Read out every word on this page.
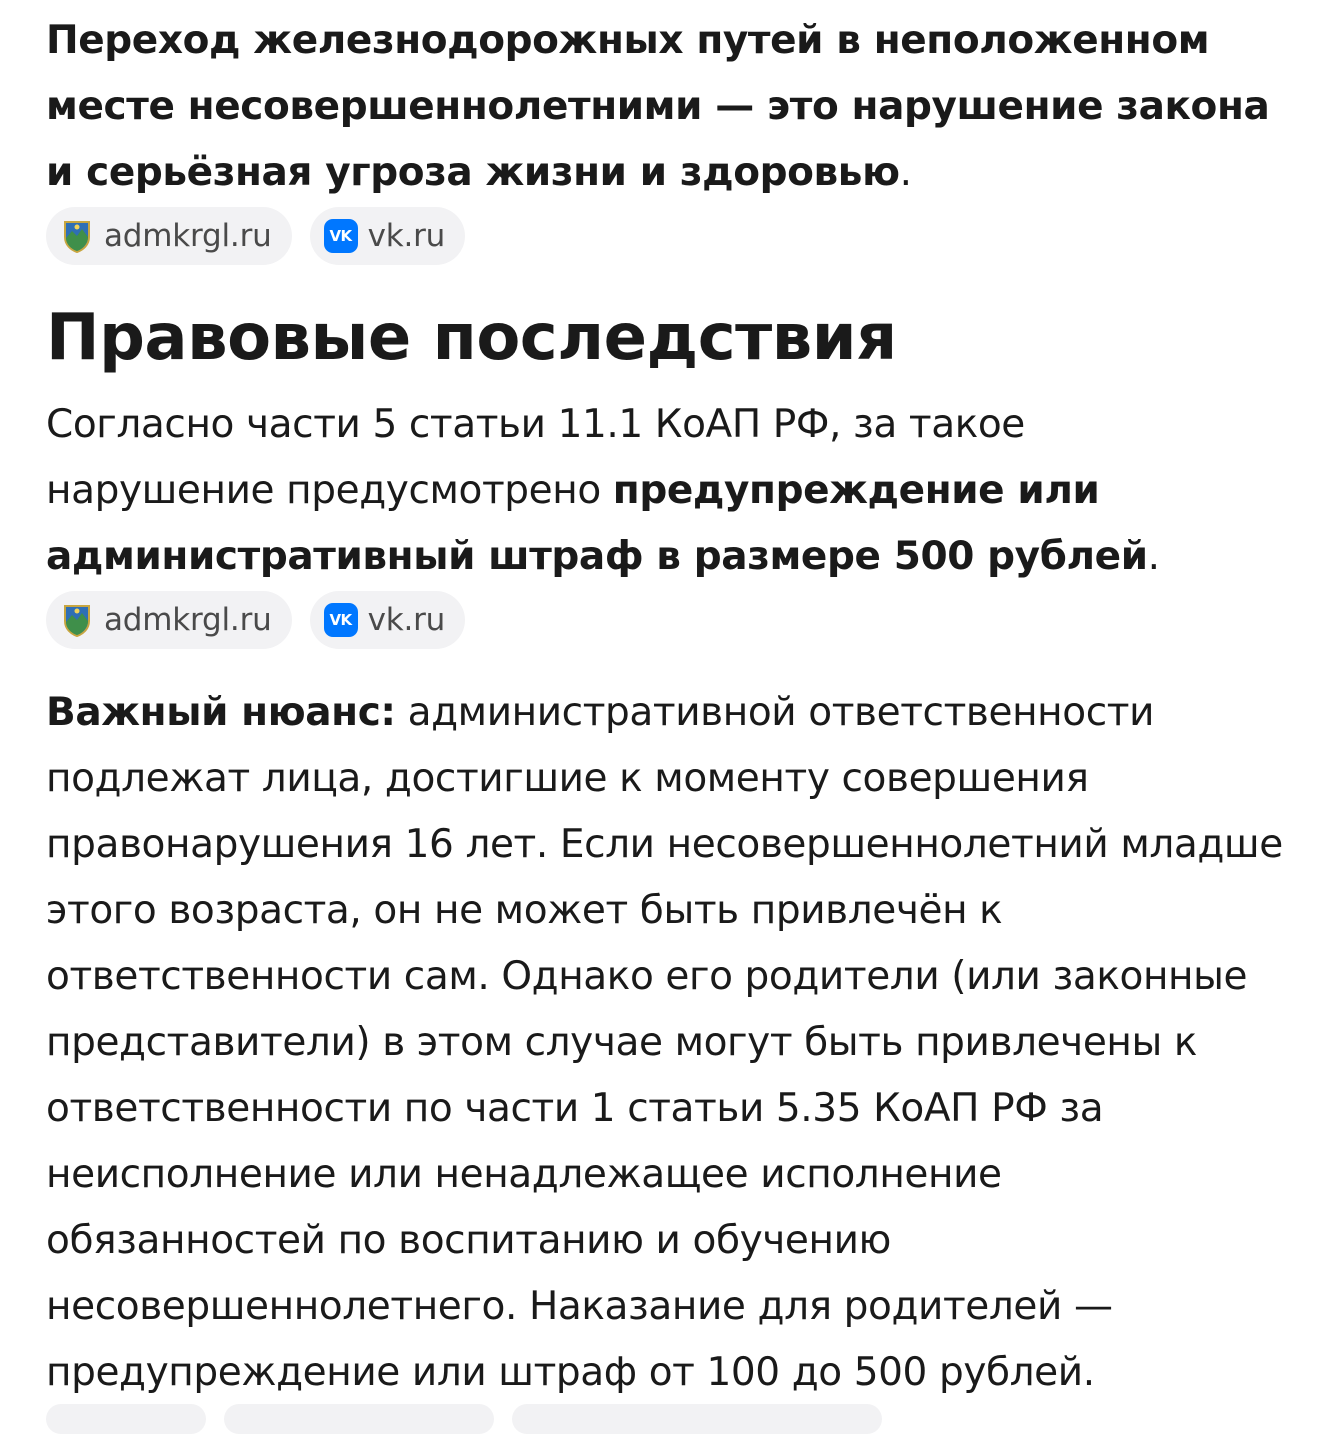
Переход железнодорожных путей в неположенном месте несовершеннолетними — это нарушение закона и серьёзная угроза жизни и здоровью.

admkrgl.ru	VK vk.ru
Правовые последствия

Согласно части 5 статьи 11.1 КоАП РФ, за такое нарушение предусмотрено предупреждение или административный штраф в размере 500 рублей.

admkrgl.ru	VK vk.ru

Важный нюанс: административной ответственности подлежат лица, достигшие к моменту совершения правонарушения 16 лет. Если несовершеннолетний младше этого возраста, он не может быть привлечён к ответственности сам. Однако его родители (или законные представители) в этом случае могут быть привлечены к ответственности по части 1 статьи 5.35 КоАП РФ за неисполнение или ненадлежащее исполнение обязанностей по воспитанию и обучению несовершеннолетнего. Наказание для родителей — предупреждение или штраф от 100 до 500 рублей.
